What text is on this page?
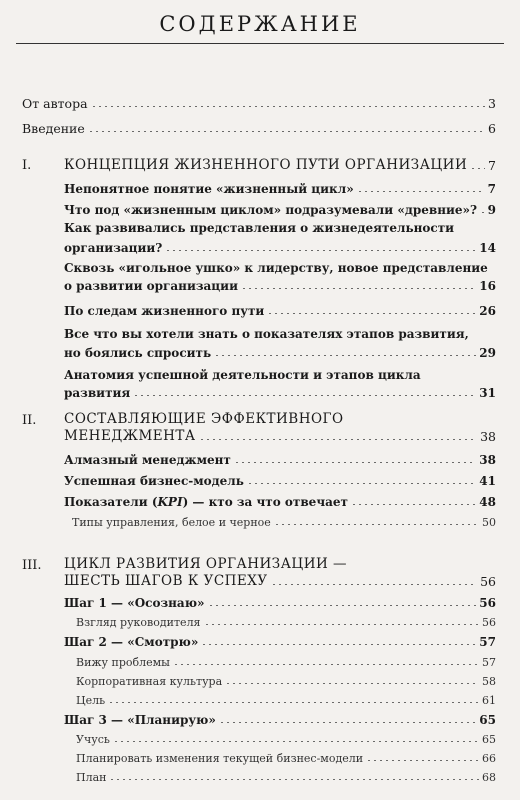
СОДЕРЖАНИЕ
От автора	3
Введение	6
I. КОНЦЕПЦИЯ ЖИЗНЕННОГО ПУТИ ОРГАНИЗАЦИИ 7
Непонятное понятие «жизненный цикл»	7
Что под «жизненным циклом» подразумевали «древние»? 9
Как развивались представления о жизнедеятельности
организации?	14
Сквозь «игольное ушко» к лидерству, новое представление
о развитии организации	16
По следам жизненного пути	26
Все что вы хотели знать о показателях этапов развития,
но боялись спросить	29
Анатомия успешной деятельности и этапов цикла
развития	31
II. СОСТАВЛЯЮЩИЕ ЭФФЕКТИВНОГО
МЕНЕДЖМЕНТА	38
Алмазный менеджмент	38
Успешная бизнес-модель	41
Показатели (KPI) — кто за что отвечает	48
Типы управления, белое и черное	50
III. ЦИКЛ РАЗВИТИЯ ОРГАНИЗАЦИИ —
ШЕСТЬ ШАГОВ К УСПЕХУ	56
Шаг 1 — «Осознаю»	56
Взгляд руководителя	56
Шаг 2 — «Смотрю»	57
Вижу проблемы	57
Корпоративная культура	58
Цель	61
Шаг 3 — «Планирую»	65
Учусь	65
Планировать изменения текущей бизнес-модели	66
План	68
